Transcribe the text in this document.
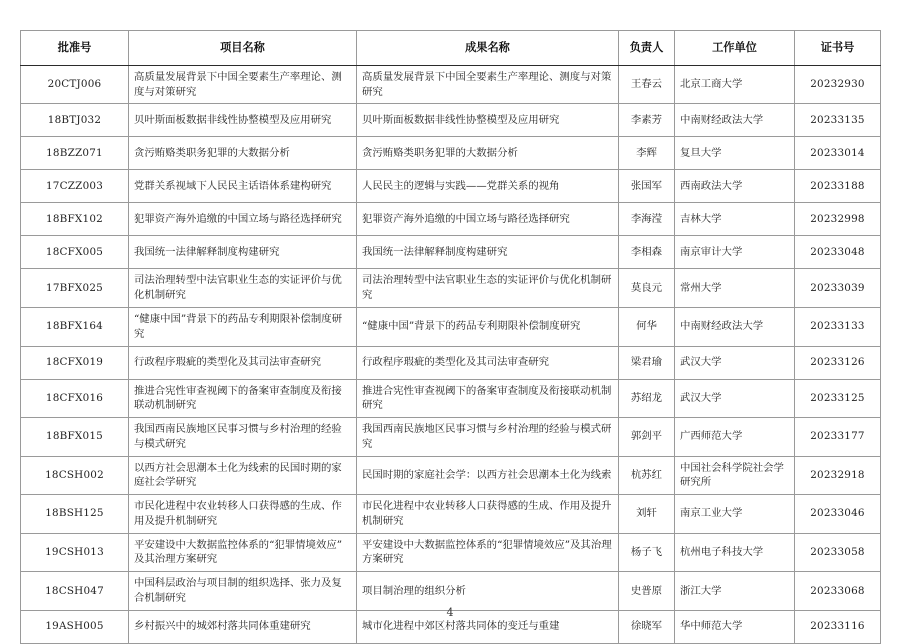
批准号	项目名称	成果名称	负责人	工作单位	证书号
20CTJ006	高质量发展背景下中国全要素生产率理论、测度与对策研究	高质量发展背景下中国全要素生产率理论、测度与对策研究	王春云	北京工商大学	20232930
18BTJ032	贝叶斯面板数据非线性协整模型及应用研究	贝叶斯面板数据非线性协整模型及应用研究	李素芳	中南财经政法大学	20233135
18BZZ071	贪污贿赂类职务犯罪的大数据分析	贪污贿赂类职务犯罪的大数据分析	李辉	复旦大学	20233014
17CZZ003	党群关系视域下人民民主话语体系建构研究	人民民主的逻辑与实践——党群关系的视角	张国军	西南政法大学	20233188
18BFX102	犯罪资产海外追缴的中国立场与路径选择研究	犯罪资产海外追缴的中国立场与路径选择研究	李海滢	吉林大学	20232998
18CFX005	我国统一法律解释制度构建研究	我国统一法律解释制度构建研究	李相森	南京审计大学	20233048
17BFX025	司法治理转型中法官职业生态的实证评价与优化机制研究	司法治理转型中法官职业生态的实证评价与优化机制研究	莫良元	常州大学	20233039
18BFX164	“健康中国”背景下的药品专利期限补偿制度研究	“健康中国”背景下的药品专利期限补偿制度研究	何华	中南财经政法大学	20233133
18CFX019	行政程序瑕疵的类型化及其司法审查研究	行政程序瑕疵的类型化及其司法审查研究	梁君瑜	武汉大学	20233126
18CFX016	推进合宪性审查视阈下的备案审查制度及衔接联动机制研究	推进合宪性审查视阈下的备案审查制度及衔接联动机制研究	苏绍龙	武汉大学	20233125
18BFX015	我国西南民族地区民事习惯与乡村治理的经验与模式研究	我国西南民族地区民事习惯与乡村治理的经验与模式研究	郭剑平	广西师范大学	20233177
18CSH002	以西方社会思潮本土化为线索的民国时期的家庭社会学研究	民国时期的家庭社会学：以西方社会思潮本土化为线索	杭苏红	中国社会科学院社会学研究所	20232918
18BSH125	市民化进程中农业转移人口获得感的生成、作用及提升机制研究	市民化进程中农业转移人口获得感的生成、作用及提升机制研究	刘轩	南京工业大学	20233046
19CSH013	平安建设中大数据监控体系的“犯罪情境效应”及其治理方案研究	平安建设中大数据监控体系的“犯罪情境效应”及其治理方案研究	杨子飞	杭州电子科技大学	20233058
18CSH047	中国科层政治与项目制的组织选择、张力及复合机制研究	项目制治理的组织分析	史普原	浙江大学	20233068
19ASH005	乡村振兴中的城郊村落共同体重建研究	城市化进程中郊区村落共同体的变迁与重建	徐晓军	华中师范大学	20233116
4
